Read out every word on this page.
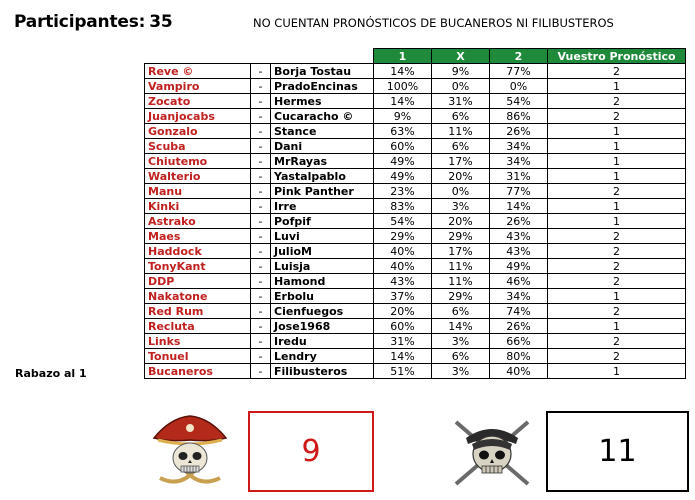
Participantes: 35	NO CUENTAN PRONÓSTICOS DE BUCANEROS NI FILIBUSTEROS
Rabazo al 1
			1	X	2	Vuestro Pronóstico
Reve ©	-	Borja Tostau	14%	9%	77%	2
Vampiro	-	PradoEncinas	100%	0%	0%	1
Zocato	-	Hermes	14%	31%	54%	2
Juanjocabs	-	Cucaracho ©	9%	6%	86%	2
Gonzalo	-	Stance	63%	11%	26%	1
Scuba	-	Dani	60%	6%	34%	1
Chiutemo	-	MrRayas	49%	17%	34%	1
Walterio	-	Yastalpablo	49%	20%	31%	1
Manu	-	Pink Panther	23%	0%	77%	2
Kinki	-	Irre	83%	3%	14%	1
Astrako	-	Pofpif	54%	20%	26%	1
Maes	-	Luvi	29%	29%	43%	2
Haddock	-	JulioM	40%	17%	43%	2
TonyKant	-	Luisja	40%	11%	49%	2
DDP	-	Hamond	43%	11%	46%	2
Nakatone	-	Erbolu	37%	29%	34%	1
Red Rum	-	Cienfuegos	20%	6%	74%	2
Recluta	-	Jose1968	60%	14%	26%	1
Links	-	Iredu	31%	3%	66%	2
Tonuel	-	Lendry	14%	6%	80%	2
Bucaneros	-	Filibusteros	51%	3%	40%	1
9	11
